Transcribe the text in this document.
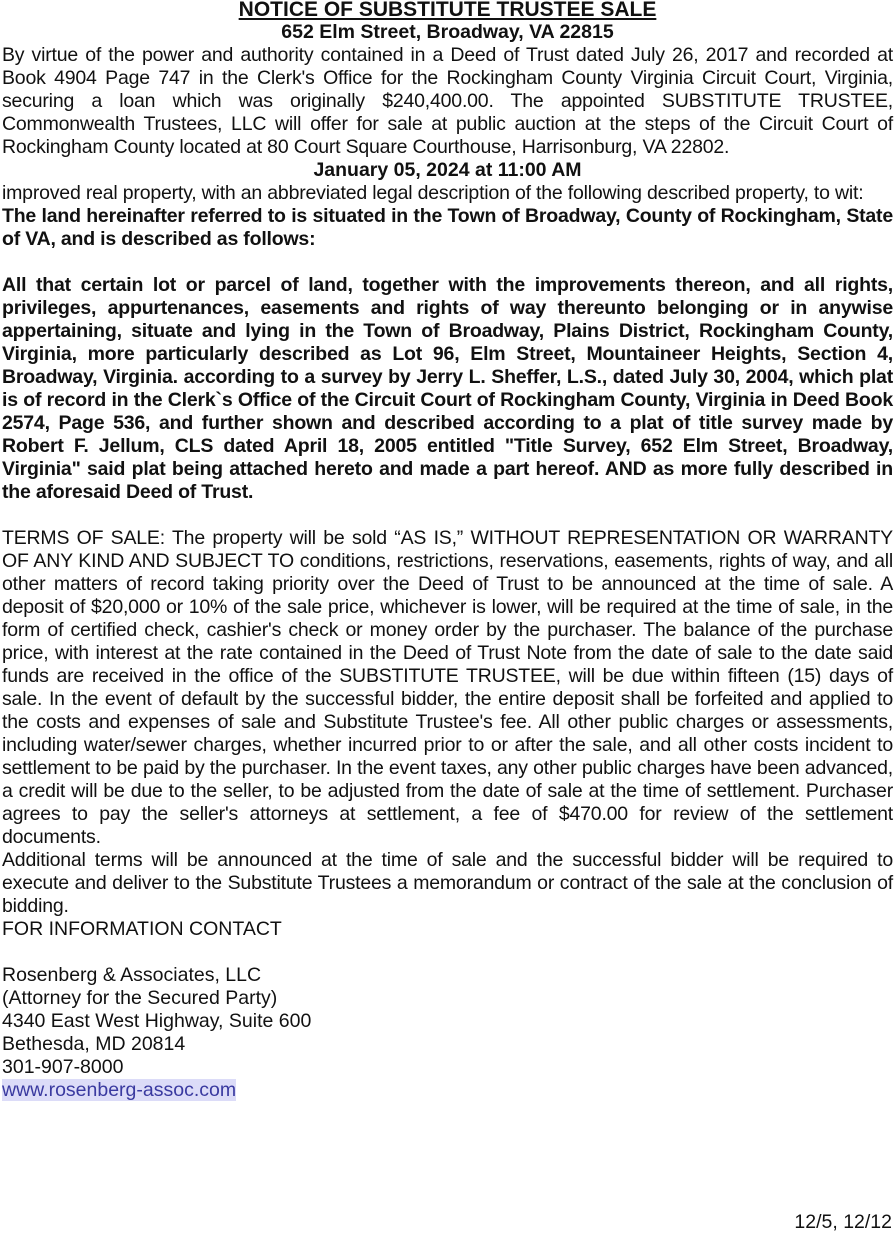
NOTICE OF SUBSTITUTE TRUSTEE SALE
652 Elm Street, Broadway, VA 22815

By virtue of the power and authority contained in a Deed of Trust dated July 26, 2017 and recorded at Book 4904 Page 747 in the Clerk's Office for the Rockingham County Virginia Circuit Court, Virginia, securing a loan which was originally $240,400.00. The appointed SUBSTITUTE TRUSTEE, Commonwealth Trustees, LLC will offer for sale at public auction at the steps of the Circuit Court of Rockingham County located at 80 Court Square Courthouse, Harrisonburg, VA 22802.

January 05, 2024 at 11:00 AM

improved real property, with an abbreviated legal description of the following described property, to wit:

The land hereinafter referred to is situated in the Town of Broadway, County of Rockingham, State of VA, and is described as follows:

All that certain lot or parcel of land, together with the improvements thereon, and all rights, privileges, appurtenances, easements and rights of way thereunto belonging or in anywise appertaining, situate and lying in the Town of Broadway, Plains District, Rockingham County, Virginia, more particularly described as Lot 96, Elm Street, Mountaineer Heights, Section 4, Broadway, Virginia. according to a survey by Jerry L. Sheffer, L.S., dated July 30, 2004, which plat is of record in the Clerk`s Office of the Circuit Court of Rockingham County, Virginia in Deed Book 2574, Page 536, and further shown and described according to a plat of title survey made by Robert F. Jellum, CLS dated April 18, 2005 entitled "Title Survey, 652 Elm Street, Broadway, Virginia" said plat being attached hereto and made a part hereof. AND as more fully described in the aforesaid Deed of Trust.

TERMS OF SALE: The property will be sold “AS IS,” WITHOUT REPRESENTATION OR WARRANTY OF ANY KIND AND SUBJECT TO conditions, restrictions, reservations, easements, rights of way, and all other matters of record taking priority over the Deed of Trust to be announced at the time of sale. A deposit of $20,000 or 10% of the sale price, whichever is lower, will be required at the time of sale, in the form of certified check, cashier's check or money order by the purchaser. The balance of the purchase price, with interest at the rate contained in the Deed of Trust Note from the date of sale to the date said funds are received in the office of the SUBSTITUTE TRUSTEE, will be due within fifteen (15) days of sale. In the event of default by the successful bidder, the entire deposit shall be forfeited and applied to the costs and expenses of sale and Substitute Trustee's fee. All other public charges or assessments, including water/sewer charges, whether incurred prior to or after the sale, and all other costs incident to settlement to be paid by the purchaser. In the event taxes, any other public charges have been advanced, a credit will be due to the seller, to be adjusted from the date of sale at the time of settlement. Purchaser agrees to pay the seller's attorneys at settlement, a fee of $470.00 for review of the settlement documents.

Additional terms will be announced at the time of sale and the successful bidder will be required to execute and deliver to the Substitute Trustees a memorandum or contract of the sale at the conclusion of bidding.

FOR INFORMATION CONTACT

Rosenberg & Associates, LLC

(Attorney for the Secured Party)

4340 East West Highway, Suite 600

Bethesda, MD 20814

301-907-8000

www.rosenberg-assoc.com

12/5, 12/12
